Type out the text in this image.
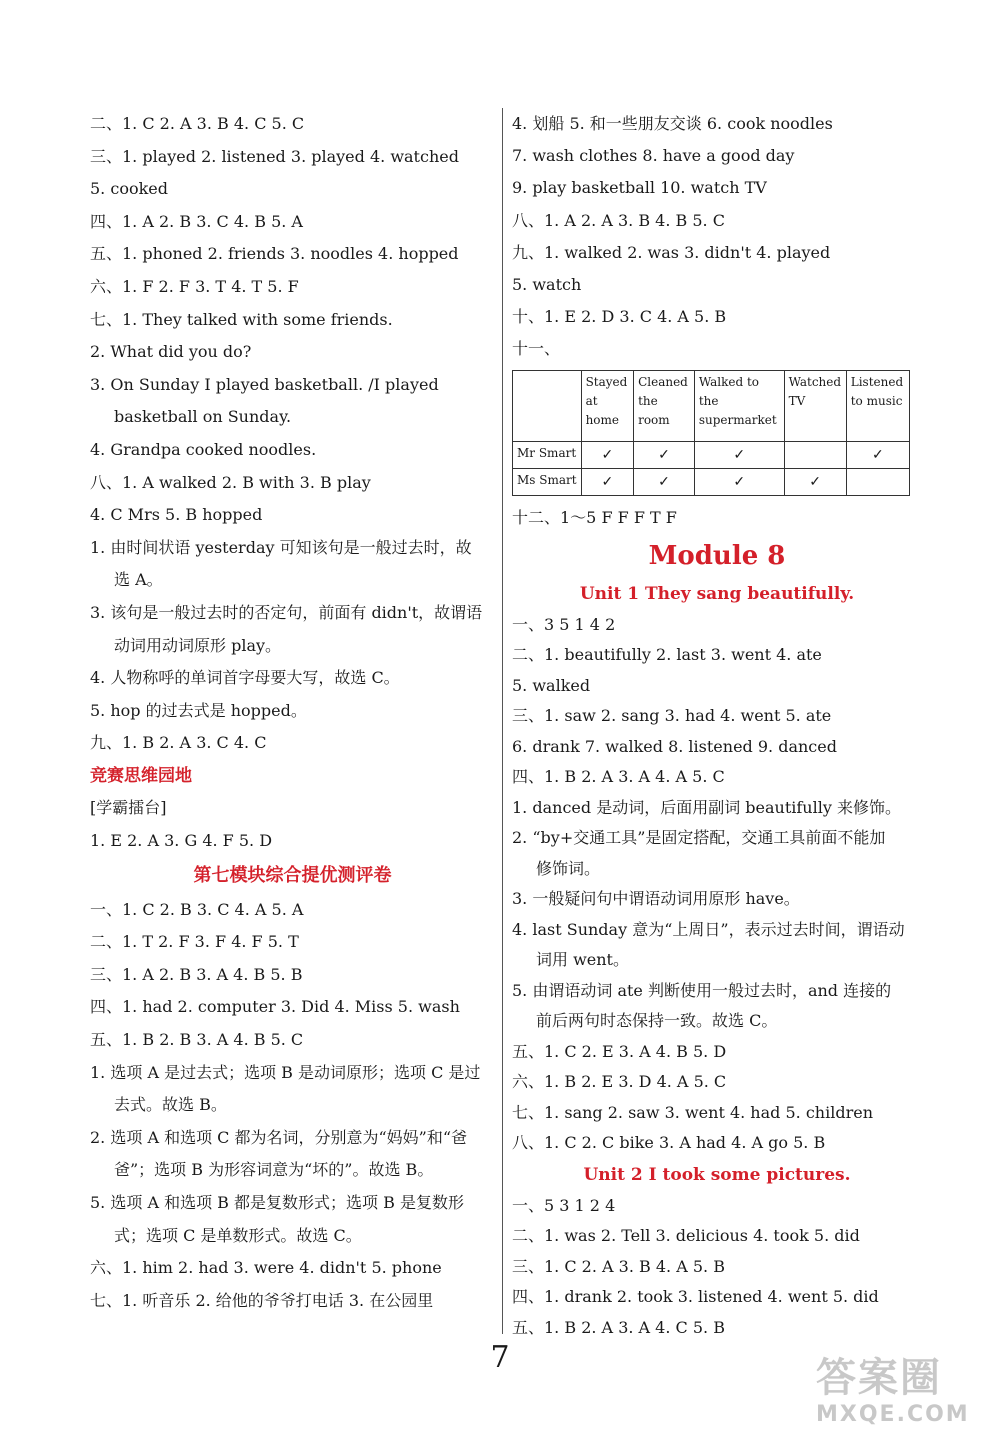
二、1. C 2. A 3. B 4. C 5. C
三、1. played 2. listened 3. played 4. watched
5. cooked
四、1. A 2. B 3. C 4. B 5. A
五、1. phoned 2. friends 3. noodles 4. hopped
六、1. F 2. F 3. T 4. T 5. F
七、1. They talked with some friends.
2. What did you do?
3. On Sunday I played basketball. /I played
basketball on Sunday.
4. Grandpa cooked noodles.
八、1. A walked 2. B with 3. B play
4. C Mrs 5. B hopped
1. 由时间状语 yesterday 可知该句是一般过去时，故
选 A。
3. 该句是一般过去时的否定句，前面有 didn't，故谓语
动词用动词原形 play。
4. 人物称呼的单词首字母要大写，故选 C。
5. hop 的过去式是 hopped。
九、1. B 2. A 3. C 4. C
竞赛思维园地
[学霸擂台]
1. E 2. A 3. G 4. F 5. D
第七模块综合提优测评卷
一、1. C 2. B 3. C 4. A 5. A
二、1. T 2. F 3. F 4. F 5. T
三、1. A 2. B 3. A 4. B 5. B
四、1. had 2. computer 3. Did 4. Miss 5. wash
五、1. B 2. B 3. A 4. B 5. C
1. 选项 A 是过去式；选项 B 是动词原形；选项 C 是过
去式。故选 B。
2. 选项 A 和选项 C 都为名词，分别意为“妈妈”和“爸
爸”；选项 B 为形容词意为“坏的”。故选 B。
5. 选项 A 和选项 B 都是复数形式；选项 B 是复数形
式；选项 C 是单数形式。故选 C。
六、1. him 2. had 3. were 4. didn't 5. phone
七、1. 听音乐 2. 给他的爷爷打电话 3. 在公园里
4. 划船 5. 和一些朋友交谈 6. cook noodles
7. wash clothes 8. have a good day
9. play basketball 10. watch TV
八、1. A 2. A 3. B 4. B 5. C
九、1. walked 2. was 3. didn't 4. played
5. watch
十、1. E 2. D 3. C 4. A 5. B
十一、
	Stayed at home	Cleaned the room	Walked to the supermarket	Watched TV	Listened to music
Mr Smart	✓	✓	✓		✓
Ms Smart	✓	✓	✓	✓	
十二、1～5 F F F T F
Module 8
Unit 1 They sang beautifully.
一、3 5 1 4 2
二、1. beautifully 2. last 3. went 4. ate
5. walked
三、1. saw 2. sang 3. had 4. went 5. ate
6. drank 7. walked 8. listened 9. danced
四、1. B 2. A 3. A 4. A 5. C
1. danced 是动词，后面用副词 beautifully 来修饰。
2. “by+交通工具”是固定搭配，交通工具前面不能加
修饰词。
3. 一般疑问句中谓语动词用原形 have。
4. last Sunday 意为“上周日”，表示过去时间，谓语动
词用 went。
5. 由谓语动词 ate 判断使用一般过去时，and 连接的
前后两句时态保持一致。故选 C。
五、1. C 2. E 3. A 4. B 5. D
六、1. B 2. E 3. D 4. A 5. C
七、1. sang 2. saw 3. went 4. had 5. children
八、1. C 2. C bike 3. A had 4. A go 5. B
Unit 2 I took some pictures.
一、5 3 1 2 4
二、1. was 2. Tell 3. delicious 4. took 5. did
三、1. C 2. A 3. B 4. A 5. B
四、1. drank 2. took 3. listened 4. went 5. did
五、1. B 2. A 3. A 4. C 5. B
7	答案圈
MXQE.COM
